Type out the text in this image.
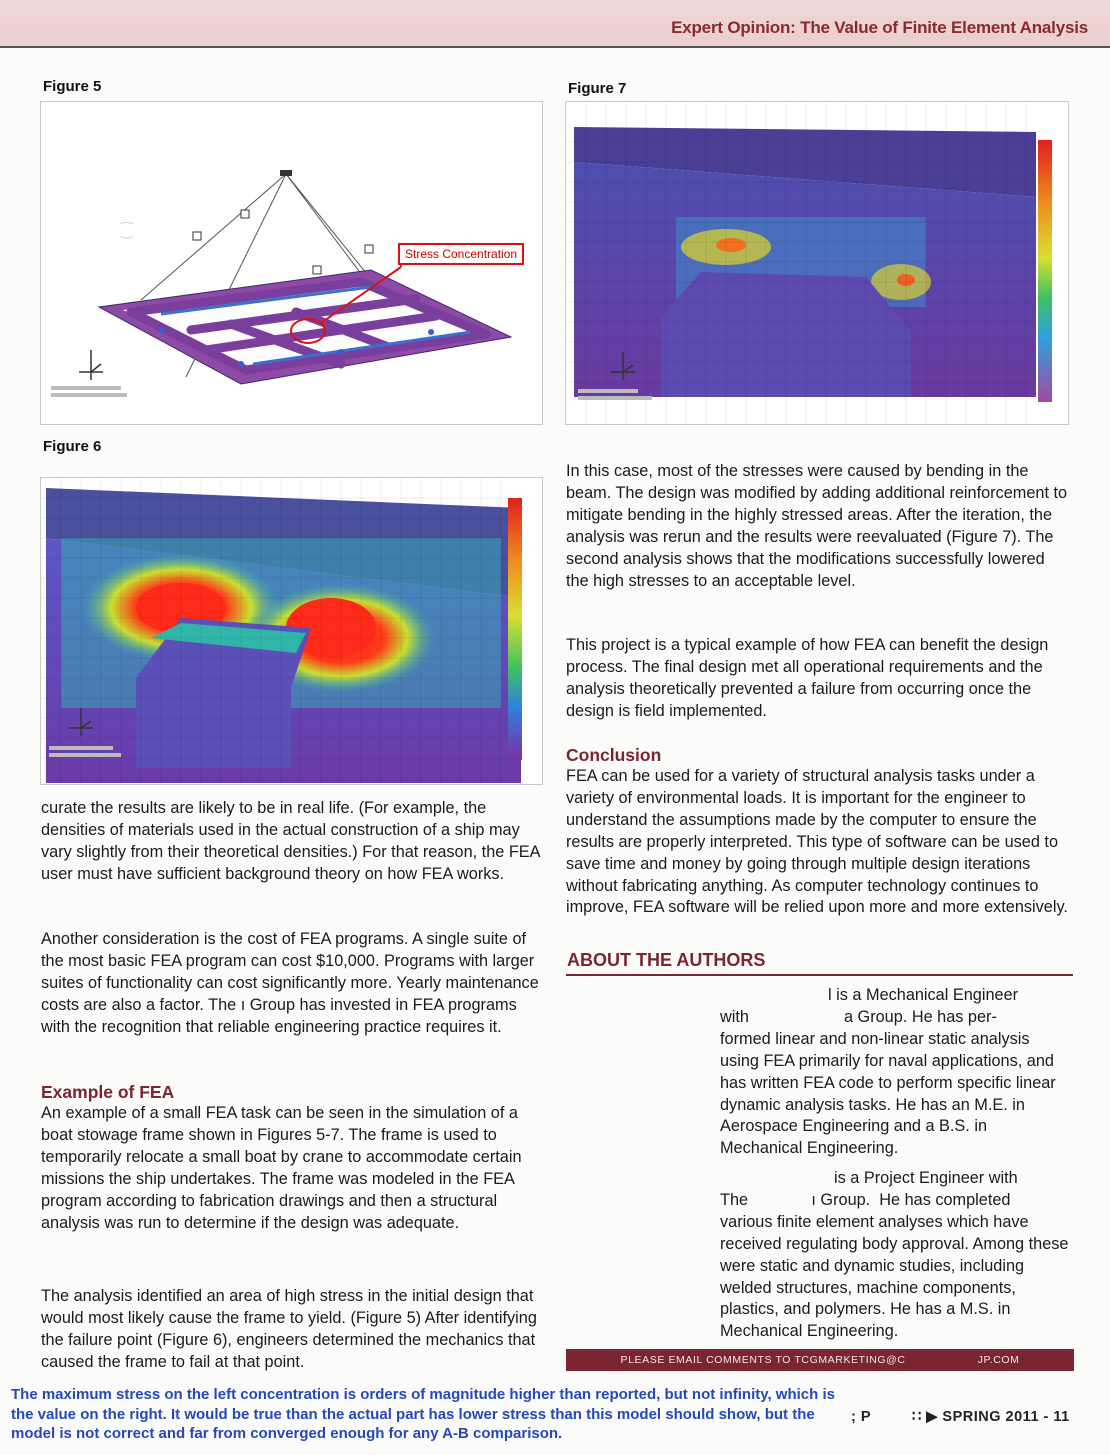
Expert Opinion: The Value of Finite Element Analysis
Figure 5
Stress Concentration
⁐
Figure 6
Figure 7

curate the results are likely to be in real life. (For example, the densities of materials used in the actual construction of a ship may vary slightly from their theoretical densities.) For that reason, the FEA user must have sufficient background theory on how FEA works.

Another consideration is the cost of FEA programs. A single suite of the most basic FEA program can cost $10,000. Programs with larger suites of functionality can cost significantly more. Yearly maintenance costs are also a factor. The ı Group has invested in FEA programs with the recognition that reliable engineering practice requires it.

Example of FEA

An example of a small FEA task can be seen in the simulation of a boat stowage frame shown in Figures 5-7. The frame is used to temporarily relocate a small boat by crane to accommodate certain missions the ship undertakes. The frame was modeled in the FEA program according to fabrication drawings and then a structural analysis was run to determine if the design was adequate.

The analysis identified an area of high stress in the initial design that would most likely cause the frame to yield. (Figure 5) After identifying the failure point (Figure 6), engineers determined the mechanics that caused the frame to fail at that point.

In this case, most of the stresses were caused by bending in the beam. The design was modified by adding additional reinforcement to mitigate bending in the highly stressed areas. After the iteration, the analysis was rerun and the results were reevaluated (Figure 7). The second analysis shows that the modifications successfully lowered the high stresses to an acceptable level.

This project is a typical example of how FEA can benefit the design process. The final design met all operational requirements and the analysis theoretically prevented a failure from occurring once the design is field implemented.

Conclusion

FEA can be used for a variety of structural analysis tasks under a variety of environmental loads. It is important for the engineer to understand the assumptions made by the computer to ensure the results are properly interpreted. This type of software can be used to save time and money by going through multiple design iterations without fabricating anything. As computer technology continues to improve, FEA software will be relied upon more and more extensively.

ABOUT THE AUTHORS

l is a Mechanical Engineer

with                     a Group. He has per-

formed linear and non-linear static analysis using FEA primarily for naval applications, and has written FEA code to perform specific linear dynamic analysis tasks. He has an M.E. in Aerospace Engineering and a B.S. in Mechanical Engineering.

is a Project Engineer with

The              ı Group.  He has completed

various finite element analyses which have received regulating body approval. Among these were static and dynamic studies, including welded structures, machine components, plastics, and polymers. He has a M.S. in Mechanical Engineering.

PLEASE EMAIL COMMENTS TO TCGMARKETING@C	JP.COM
The maximum stress on the left concentration is orders of magnitude higher than reported, but not infinity, which is the value on the right. It would be true than the actual part has lower stress than this model should show, but the model is not correct and far from converged enough for any A-B comparison.
; P	∷ ▶ SPRING 2011 - 11
